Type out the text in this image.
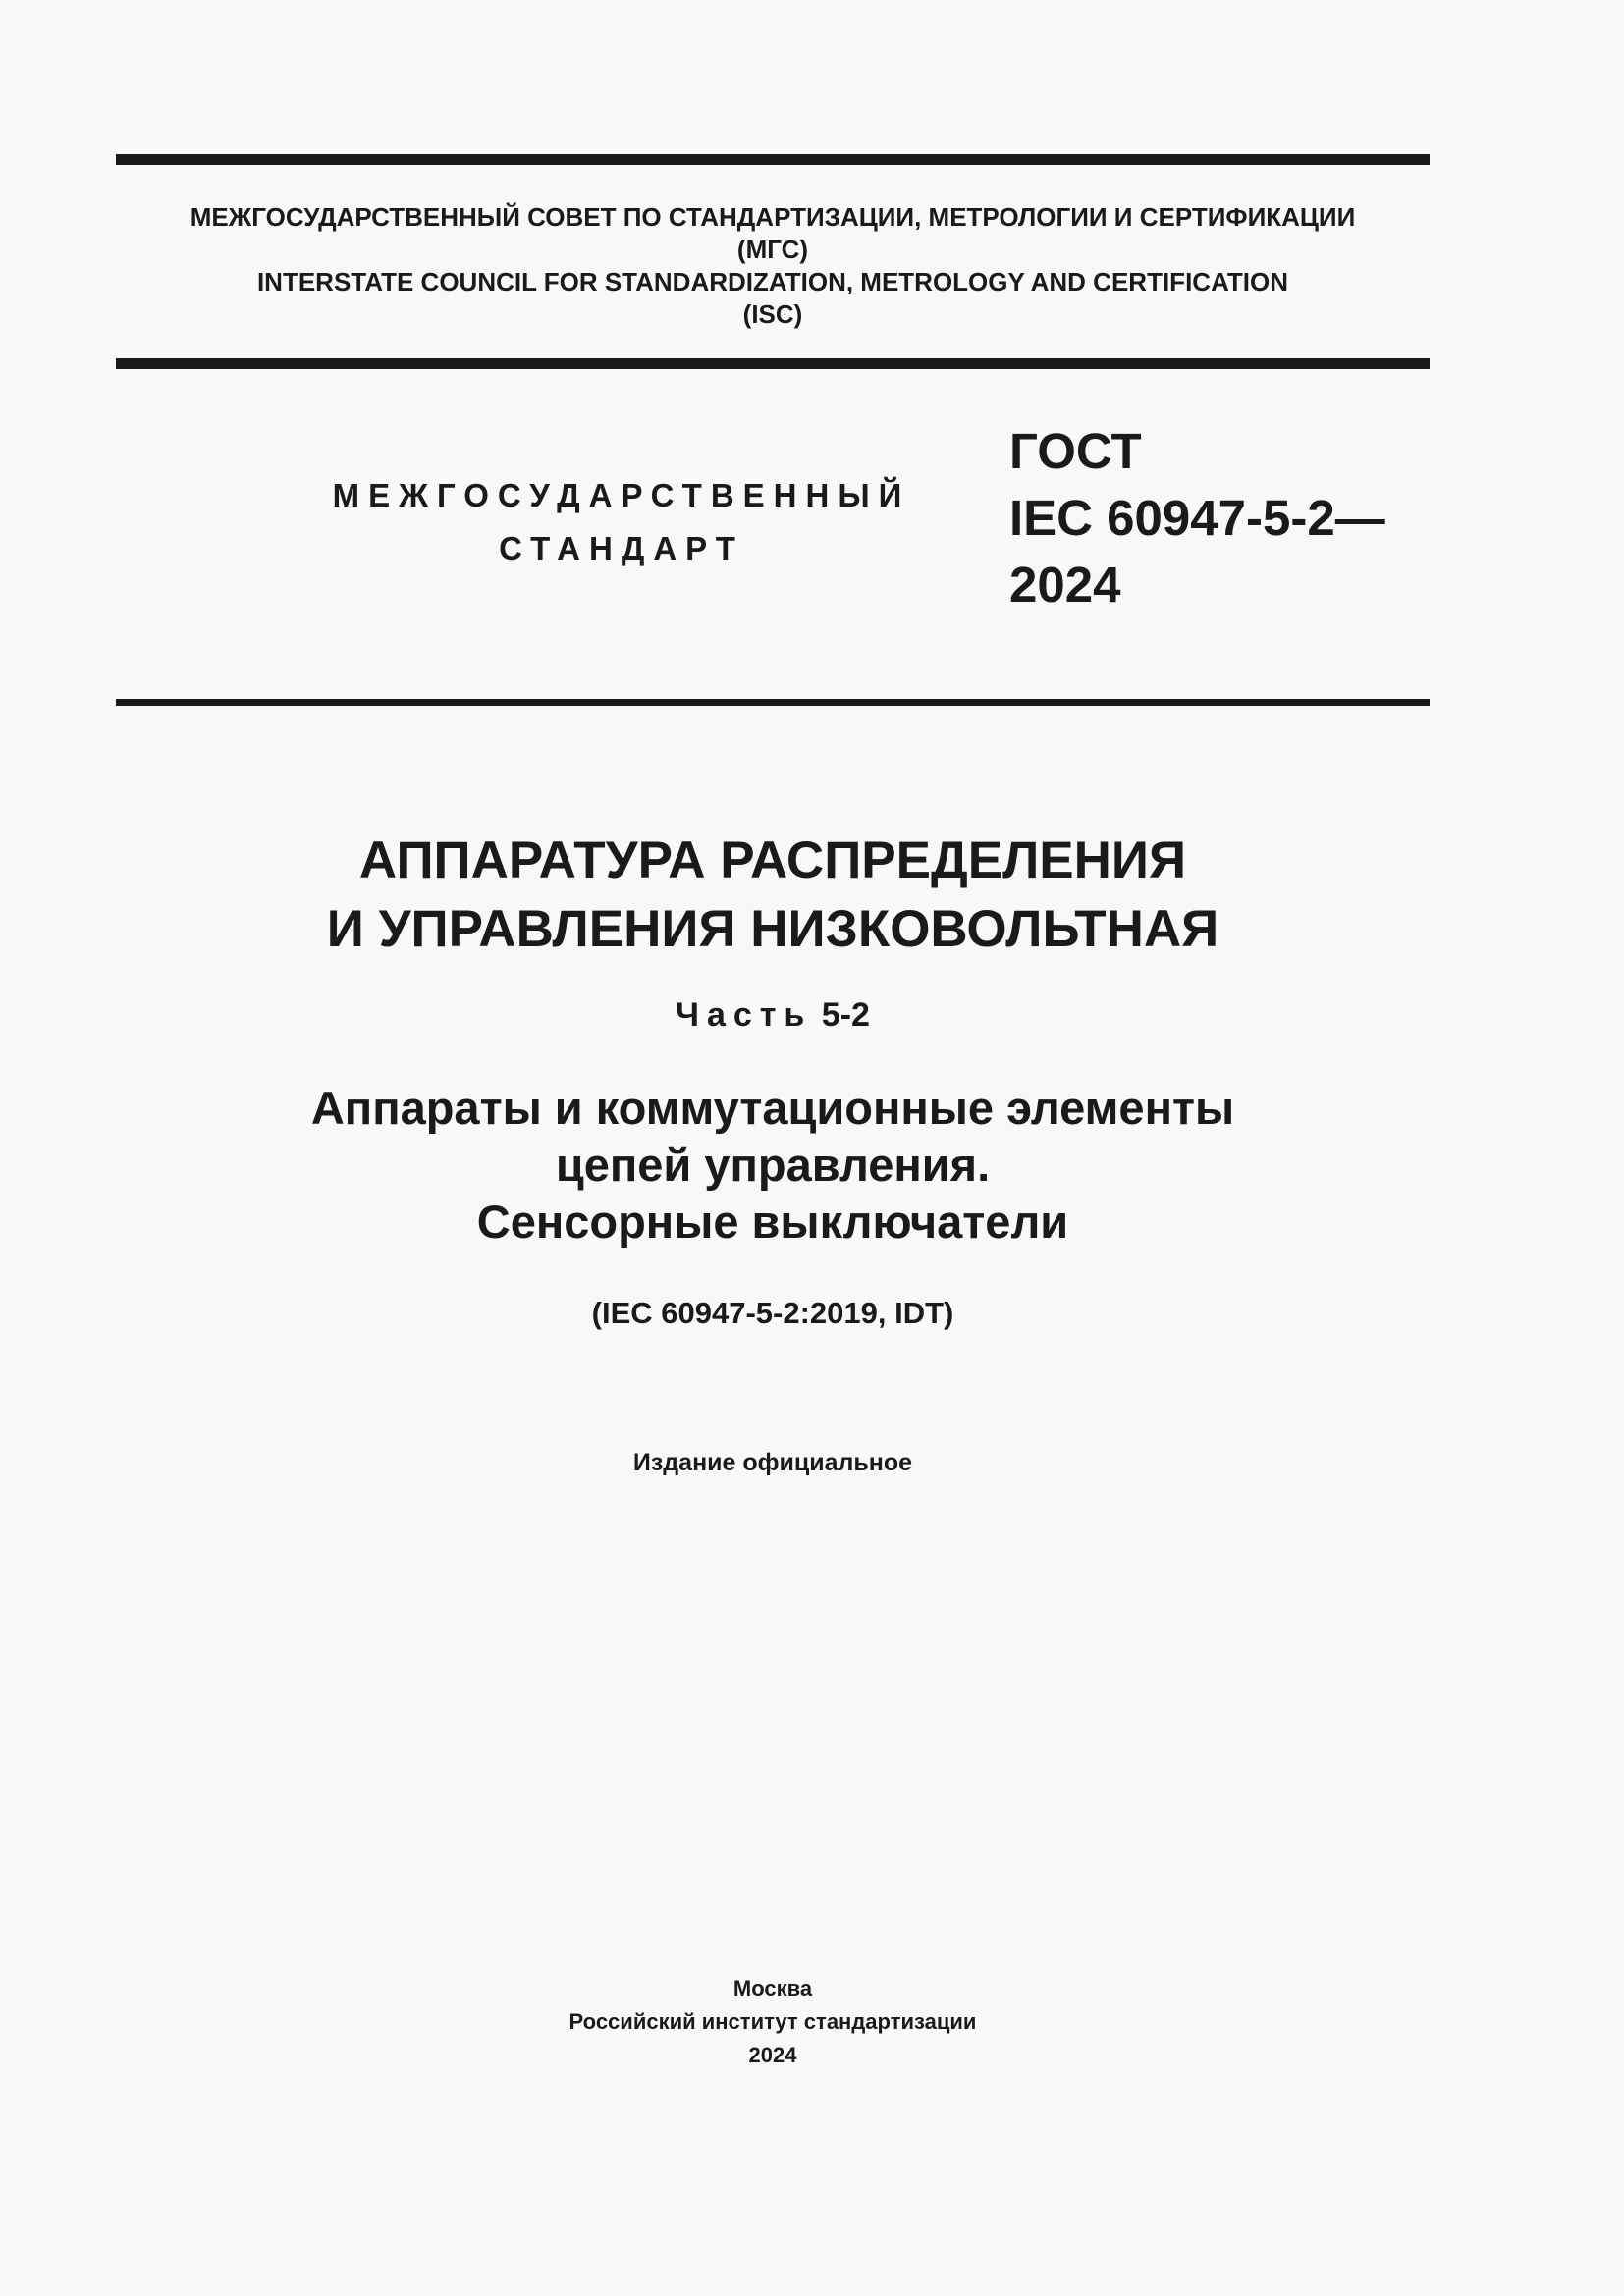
МЕЖГОСУДАРСТВЕННЫЙ СОВЕТ ПО СТАНДАРТИЗАЦИИ, МЕТРОЛОГИИ И СЕРТИФИКАЦИИ
(МГС)
INTERSTATE COUNCIL FOR STANDARDIZATION, METROLOGY AND CERTIFICATION
(ISC)
МЕЖГОСУДАРСТВЕННЫЙ
СТАНДАРТ
ГОСТ
IEC 60947-5-2—
2024
АППАРАТУРА РАСПРЕДЕЛЕНИЯ
И УПРАВЛЕНИЯ НИЗКОВОЛЬТНАЯ
Часть 5-2
Аппараты и коммутационные элементы
цепей управления.
Сенсорные выключатели
(IEC 60947-5-2:2019, IDT)
Издание официальное
Москва
Российский институт стандартизации
2024
